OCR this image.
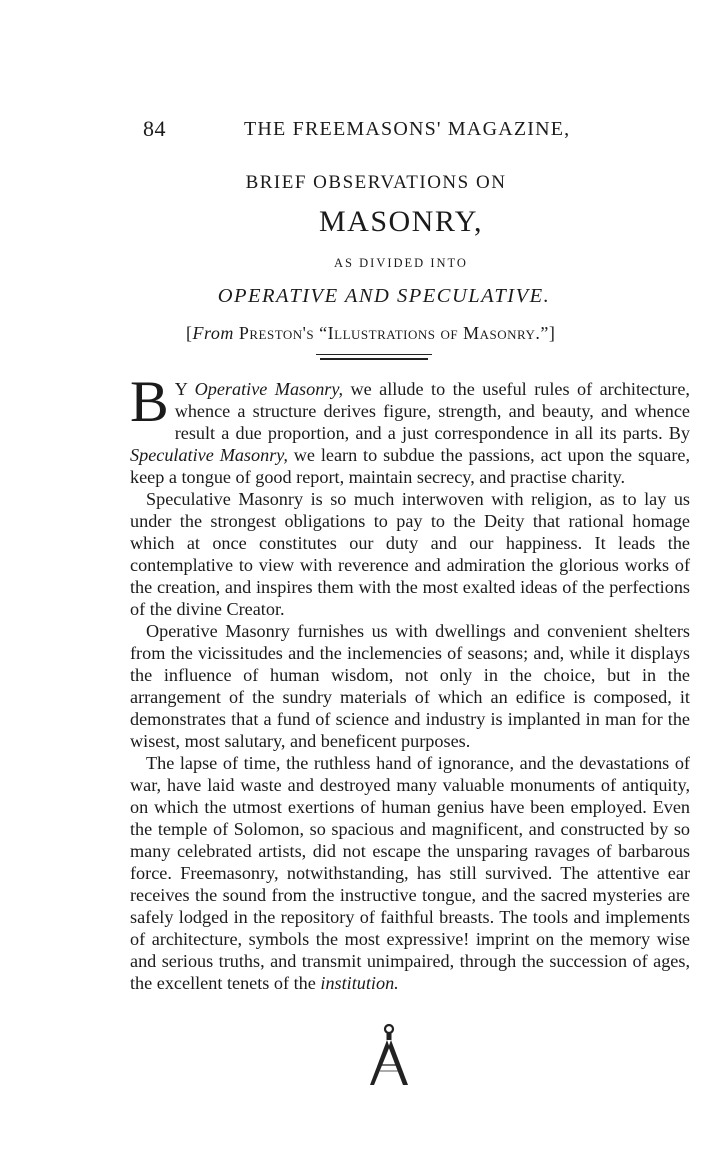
84	THE FREEMASONS' MAGAZINE,
BRIEF OBSERVATIONS ON
MASONRY,
AS DIVIDED INTO
OPERATIVE AND SPECULATIVE.
[From Preston's “Illustrations of Masonry.”]

B Y Operative Masonry, we allude to the useful rules of architecture, whence a structure derives figure, strength, and beauty, and whence result a due proportion, and a just correspondence in all its parts. By Speculative Masonry, we learn to subdue the passions, act upon the square, keep a tongue of good report, maintain secrecy, and practise charity.

Speculative Masonry is so much interwoven with religion, as to lay us under the strongest obligations to pay to the Deity that rational homage which at once constitutes our duty and our happiness. It leads the contemplative to view with reverence and admiration the glorious works of the creation, and inspires them with the most exalted ideas of the perfections of the divine Creator.

Operative Masonry furnishes us with dwellings and convenient shelters from the vicissitudes and the inclemencies of seasons; and, while it displays the influence of human wisdom, not only in the choice, but in the arrangement of the sundry materials of which an edifice is composed, it demonstrates that a fund of science and industry is implanted in man for the wisest, most salutary, and beneficent purposes.

The lapse of time, the ruthless hand of ignorance, and the devastations of war, have laid waste and destroyed many valuable monuments of antiquity, on which the utmost exertions of human genius have been employed. Even the temple of Solomon, so spacious and magnificent, and constructed by so many celebrated artists, did not escape the unsparing ravages of barbarous force. Freemasonry, notwithstanding, has still survived. The attentive ear receives the sound from the instructive tongue, and the sacred mysteries are safely lodged in the repository of faithful breasts. The tools and implements of architecture, symbols the most expressive! imprint on the memory wise and serious truths, and transmit unimpaired, through the succession of ages, the excellent tenets of the institution.
